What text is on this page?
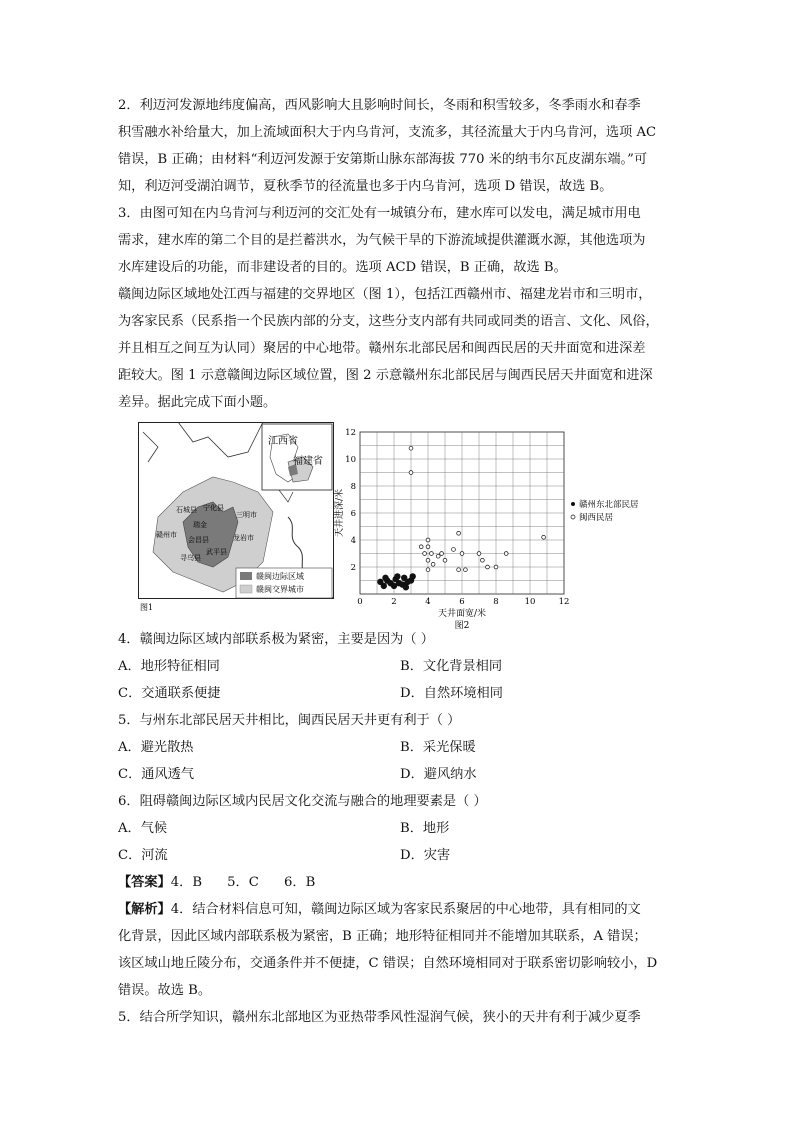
2．利迈河发源地纬度偏高，西风影响大且影响时间长，冬雨和积雪较多，冬季雨水和春季
积雪融水补给量大，加上流域面积大于内乌肯河，支流多，其径流量大于内乌肯河，选项 AC
错误，B 正确；由材料“利迈河发源于安第斯山脉东部海拔 770 米的纳韦尔瓦皮湖东端。”可
知，利迈河受湖泊调节，夏秋季节的径流量也多于内乌肯河，选项 D 错误，故选 B。

3．由图可知在内乌肯河与利迈河的交汇处有一城镇分布，建水库可以发电，满足城市用电
需求，建水库的第二个目的是拦蓄洪水，为气候干旱的下游流域提供灌溉水源，其他选项为
水库建设后的功能，而非建设者的目的。选项 ACD 错误，B 正确，故选 B。

赣闽边际区域地处江西与福建的交界地区（图 1），包括江西赣州市、福建龙岩市和三明市，
为客家民系（民系指一个民族内部的分支，这些分支内部有共同或同类的语言、文化、风俗，
并且相互之间互为认同）聚居的中心地带。赣州东北部民居和闽西民居的天井面宽和进深差
距较大。图 1 示意赣闽边际区域位置，图 2 示意赣州东北部民居与闽西民居天井面宽和进深
差异。据此完成下面小题。

江西省
福建省
石城县 宁化县
三明市
瑞金
赣州市
会昌县	龙岩市
寻乌县
武平县
赣闽边际区域
赣闽交界城市
图1
2
4
6
8
10
12
0	2	4	6	8	10	12
天井进深/米
天井面宽/米
图2
赣州东北部民居
闽西民居

4．赣闽边际区域内部联系极为紧密，主要是因为（ ）

A．地形特征相同	B．文化背景相同
C．交通联系便捷	D．自然环境相同

5．与州东北部民居天井相比，闽西民居天井更有利于（ ）

A．避光散热	B．采光保暖
C．通风透气	D．避风纳水

6．阻碍赣闽边际区域内民居文化交流与融合的地理要素是（ ）

A．气候	B．地形
C．河流	D．灾害
【答案】4．B      5．C      6．B

【解析】4．结合材料信息可知，赣闽边际区域为客家民系聚居的中心地带，具有相同的文
化背景，因此区域内部联系极为紧密，B 正确；地形特征相同并不能增加其联系，A 错误；
该区域山地丘陵分布，交通条件并不便捷，C 错误；自然环境相同对于联系密切影响较小，D
错误。故选 B。
5．结合所学知识，赣州东北部地区为亚热带季风性湿润气候，狭小的天井有利于减少夏季
